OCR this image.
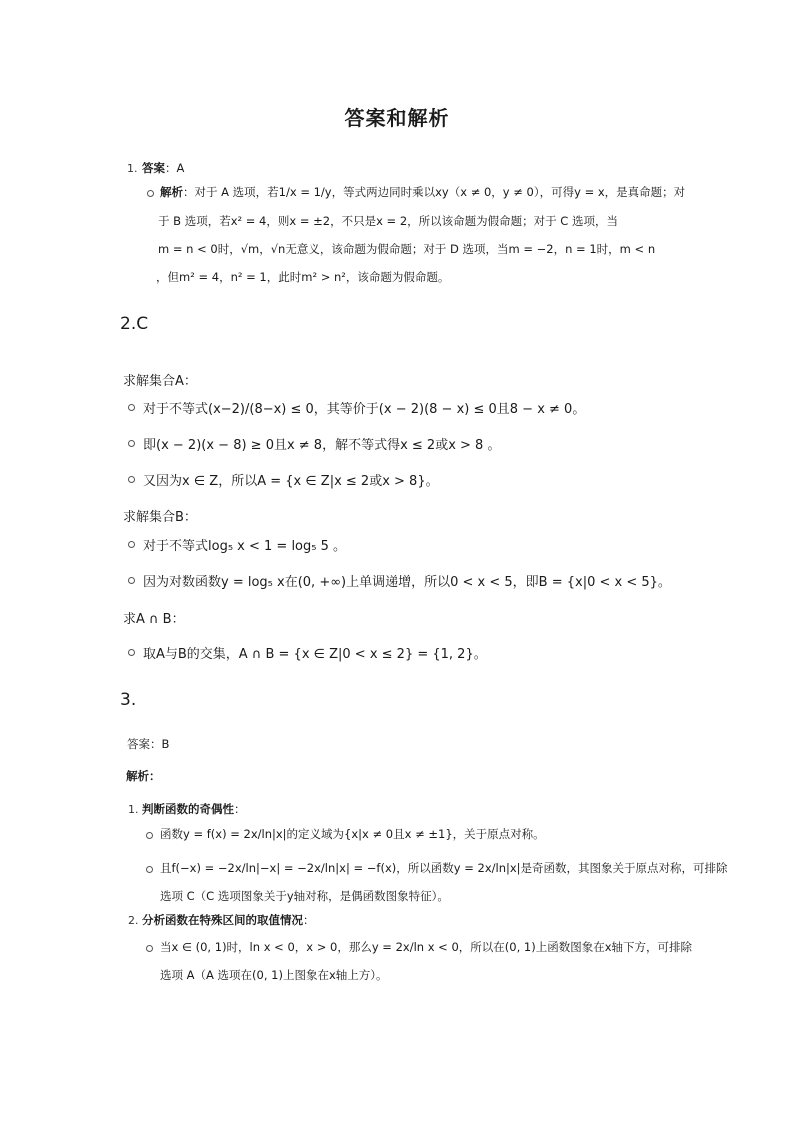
答案和解析
1. 答案：A
解析：对于 A 选项，若1/x = 1/y，等式两边同时乘以xy（x ≠ 0，y ≠ 0），可得y = x，是真命题；对
于 B 选项，若x² = 4，则x = ±2，不只是x = 2，所以该命题为假命题；对于 C 选项，当
m = n < 0时，√m，√n无意义，该命题为假命题；对于 D 选项，当m = −2，n = 1时，m < n
，但m² = 4，n² = 1，此时m² > n²，该命题为假命题。
2.C
求解集合A：
对于不等式(x−2)/(8−x) ≤ 0，其等价于(x − 2)(8 − x) ≤ 0且8 − x ≠ 0。
即(x − 2)(x − 8) ≥ 0且x ≠ 8，解不等式得x ≤ 2或x > 8 。
又因为x ∈ Z，所以A = {x ∈ Z|x ≤ 2或x > 8}。
求解集合B：
对于不等式log₅ x < 1 = log₅ 5 。
因为对数函数y = log₅ x在(0, +∞)上单调递增，所以0 < x < 5，即B = {x|0 < x < 5}。
求A ∩ B：
取A与B的交集，A ∩ B = {x ∈ Z|0 < x ≤ 2} = {1, 2}。
3.
答案：B
解析：
1. 判断函数的奇偶性：
函数y = f(x) = 2x/ln|x|的定义域为{x|x ≠ 0且x ≠ ±1}，关于原点对称。
且f(−x) = −2x/ln|−x| = −2x/ln|x| = −f(x)，所以函数y = 2x/ln|x|是奇函数，其图象关于原点对称，可排除
选项 C（C 选项图象关于y轴对称，是偶函数图象特征）。
2. 分析函数在特殊区间的取值情况：
当x ∈ (0, 1)时，ln x < 0，x > 0，那么y = 2x/ln x < 0，所以在(0, 1)上函数图象在x轴下方，可排除
选项 A（A 选项在(0, 1)上图象在x轴上方）。
